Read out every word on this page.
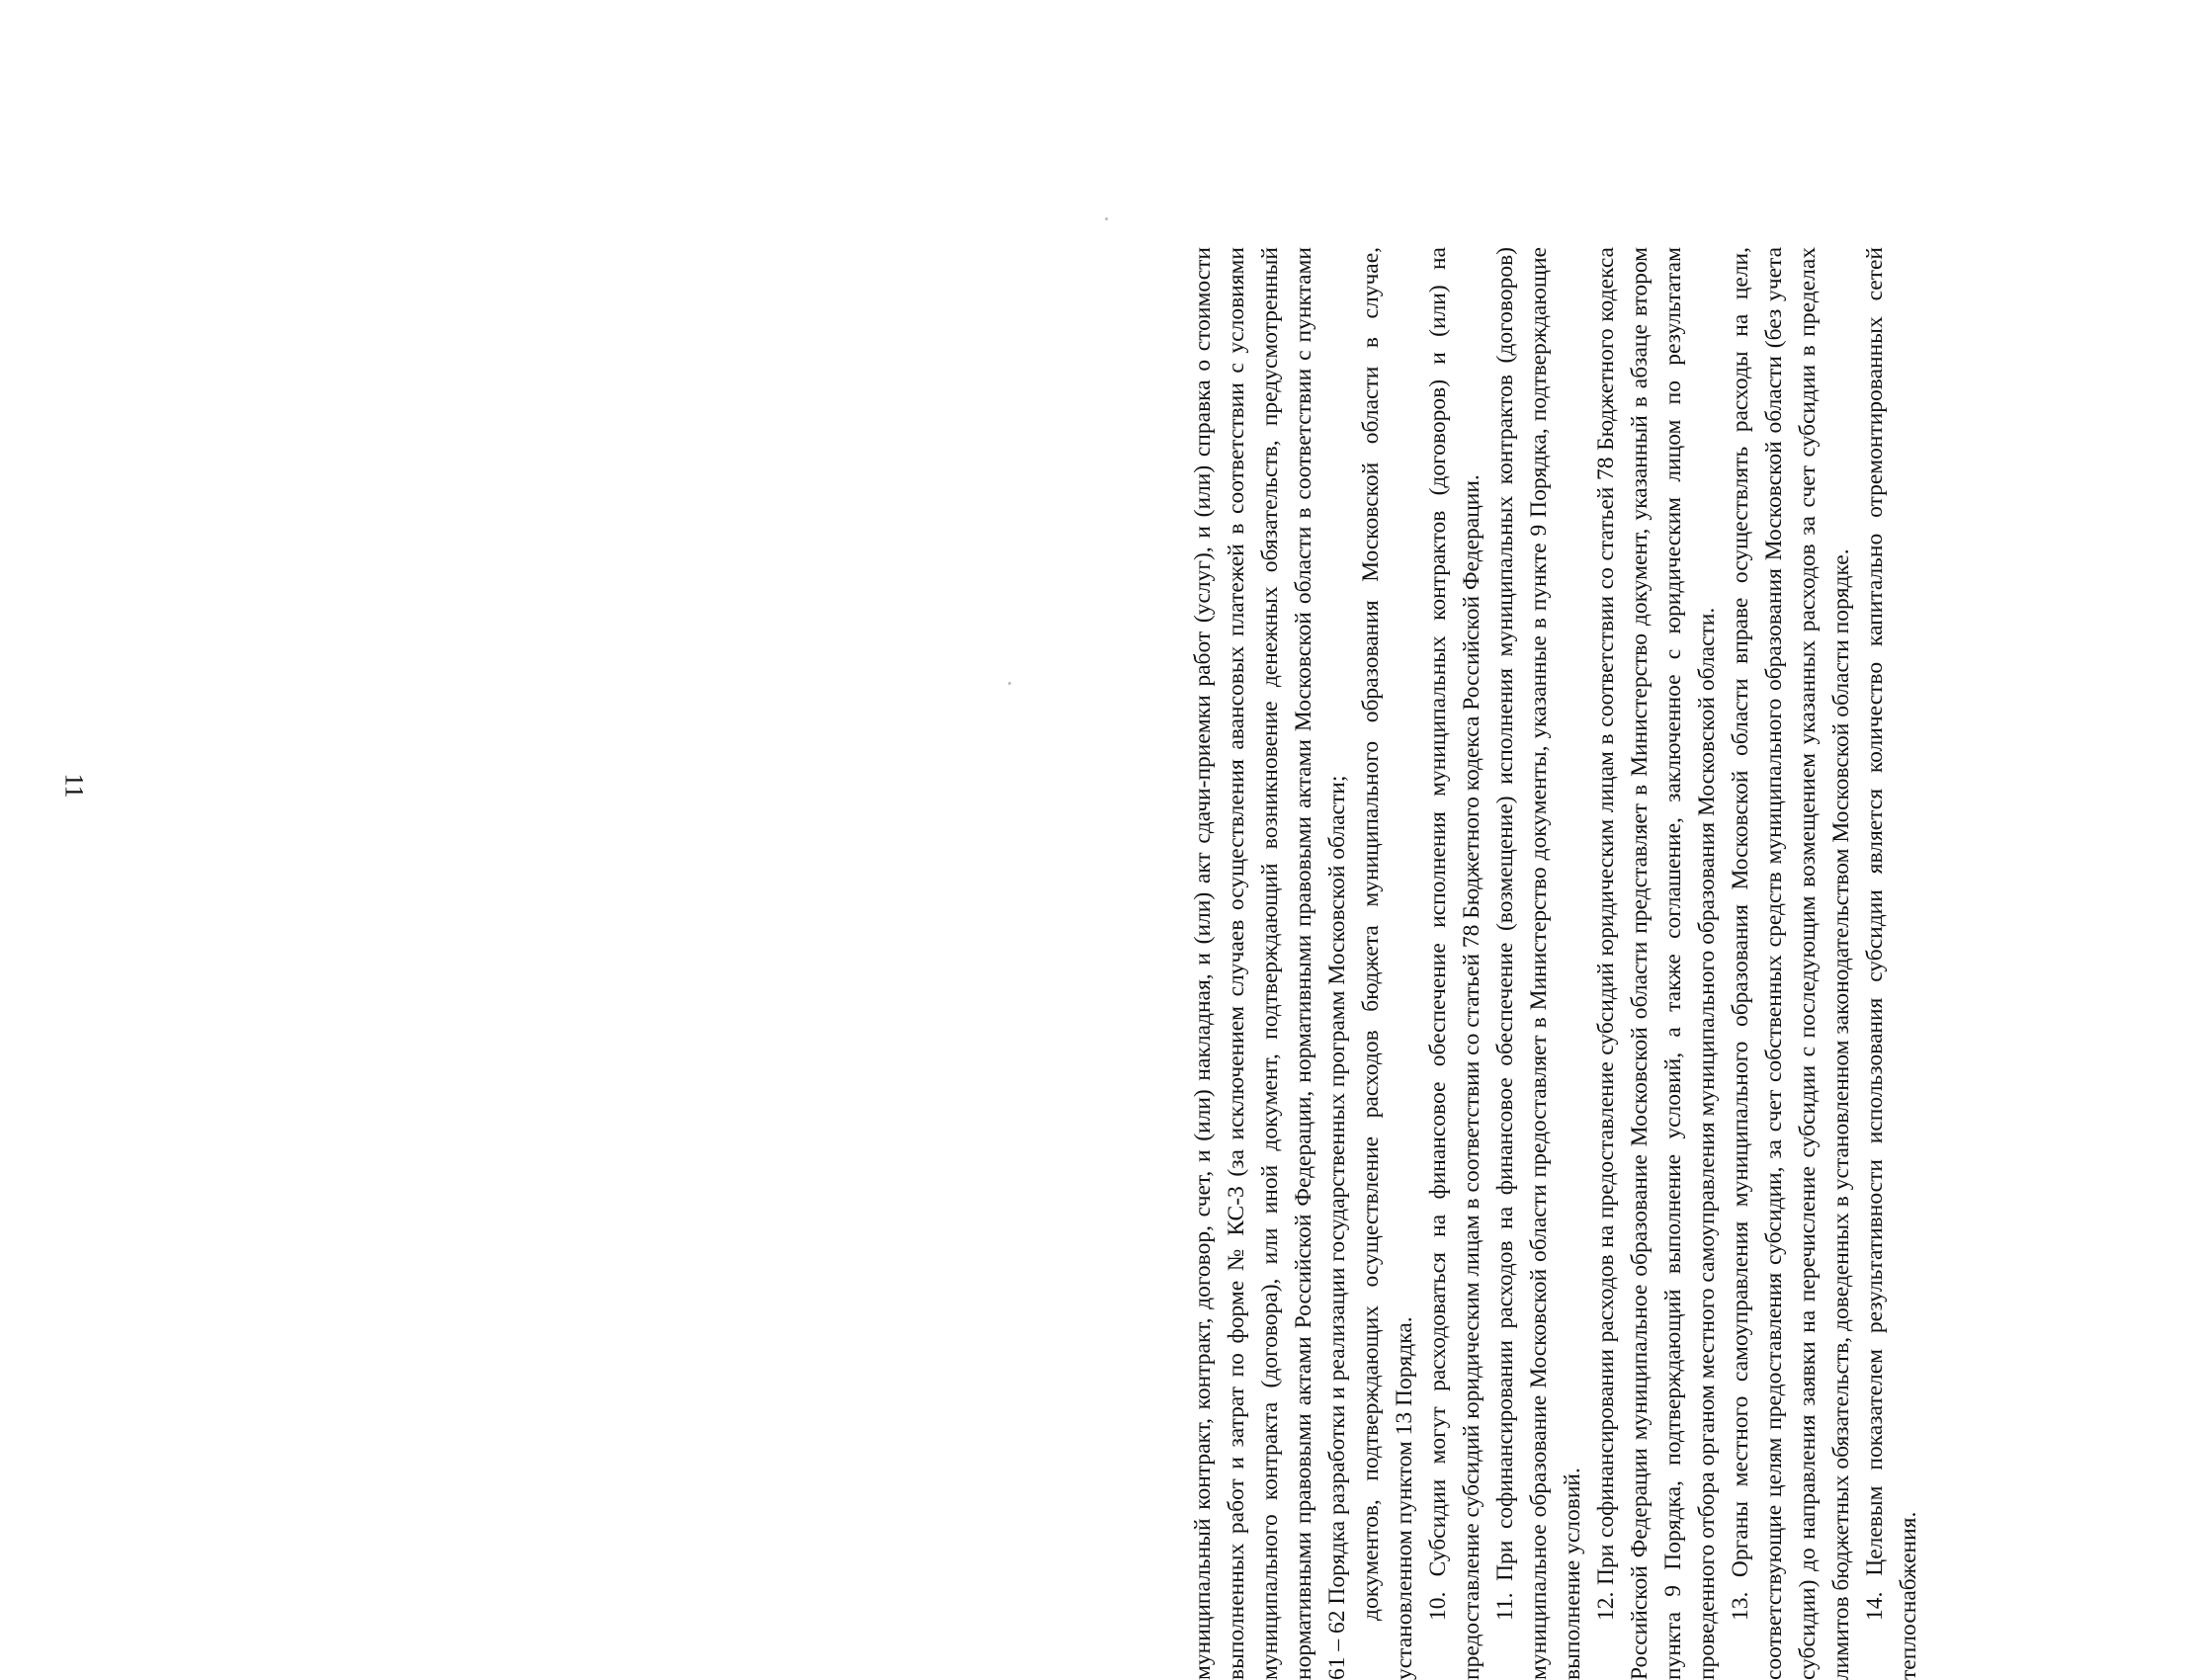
11	муниципальный контракт, контракт, договор, счет, и (или) накладная, и (или) акт сдачи-приемки работ (услуг), и (или) справка о стоимости выполненных работ и затрат по форме № КС-3 (за исключением случаев осуществления авансовых платежей в соответствии с условиями муниципального контракта (договора), или иной документ, подтверждающий возникновение денежных обязательств, предусмотренный нормативными правовыми актами Российской Федерации, нормативными правовыми актами Московской области в соответствии с пунктами 61 – 62 Порядка разработки и реализации государственных программ Московской области; документов, подтверждающих осуществление расходов бюджета муниципального образования Московской области в случае, установленном пунктом 13 Порядка. 10. Субсидии могут расходоваться на финансовое обеспечение исполнения муниципальных контрактов (договоров) и (или) на предоставление субсидий юридическим лицам в соответствии со статьей 78 Бюджетного кодекса Российской Федерации. 11. При софинансировании расходов на финансовое обеспечение (возмещение) исполнения муниципальных контрактов (договоров) муниципальное образование Московской области предоставляет в Министерство документы, указанные в пункте 9 Порядка, подтверждающие выполнение условий. 12. При софинансировании расходов на предоставление субсидий юридическим лицам в соответствии со статьей 78 Бюджетного кодекса Российской Федерации муниципальное образование Московской области представляет в Министерство документ, указанный в абзаце втором пункта 9 Порядка, подтверждающий выполнение условий, а также соглашение, заключенное с юридическим лицом по результатам проведенного отбора органом местного самоуправления муниципального образования Московской области. 13. Органы местного самоуправления муниципального образования Московской области вправе осуществлять расходы на цели, соответствующие целям предоставления субсидии, за счет собственных средств муниципального образования Московской области (без учета субсидии) до направления заявки на перечисление субсидии с последующим возмещением указанных расходов за счет субсидии в пределах лимитов бюджетных обязательств, доведенных в установленном законодательством Московской области порядке. 14. Целевым показателем результативности использования субсидии является количество капитально отремонтированных сетей теплоснабжения.
